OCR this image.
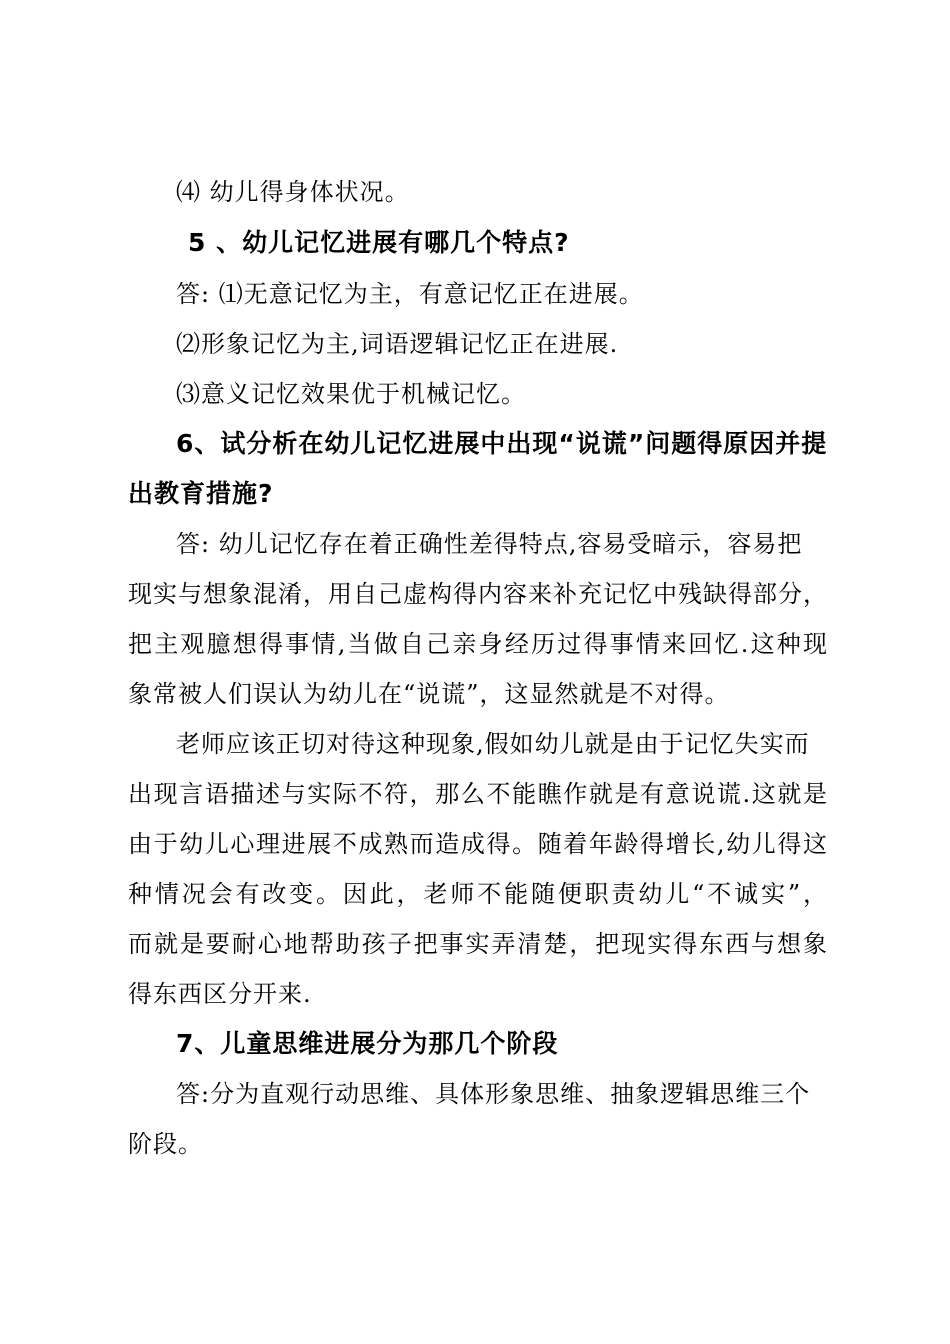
⑷ 幼儿得身体状况。
5 、幼儿记忆进展有哪几个特点?
答: ⑴无意记忆为主，有意记忆正在进展。
⑵形象记忆为主,词语逻辑记忆正在进展.
⑶意义记忆效果优于机械记忆。
6、试分析在幼儿记忆进展中出现“说谎”问题得原因并提
出教育措施?
答: 幼儿记忆存在着正确性差得特点,容易受暗示，容易把
现实与想象混淆，用自己虚构得内容来补充记忆中残缺得部分，
把主观臆想得事情,当做自己亲身经历过得事情来回忆.这种现
象常被人们误认为幼儿在“说谎”，这显然就是不对得。
老师应该正切对待这种现象,假如幼儿就是由于记忆失实而
出现言语描述与实际不符，那么不能瞧作就是有意说谎.这就是
由于幼儿心理进展不成熟而造成得。随着年龄得增长,幼儿得这
种情况会有改变。因此，老师不能随便职责幼儿“不诚实”，
而就是要耐心地帮助孩子把事实弄清楚，把现实得东西与想象
得东西区分开来.
7、儿童思维进展分为那几个阶段
答:分为直观行动思维、具体形象思维、抽象逻辑思维三个
阶段。
